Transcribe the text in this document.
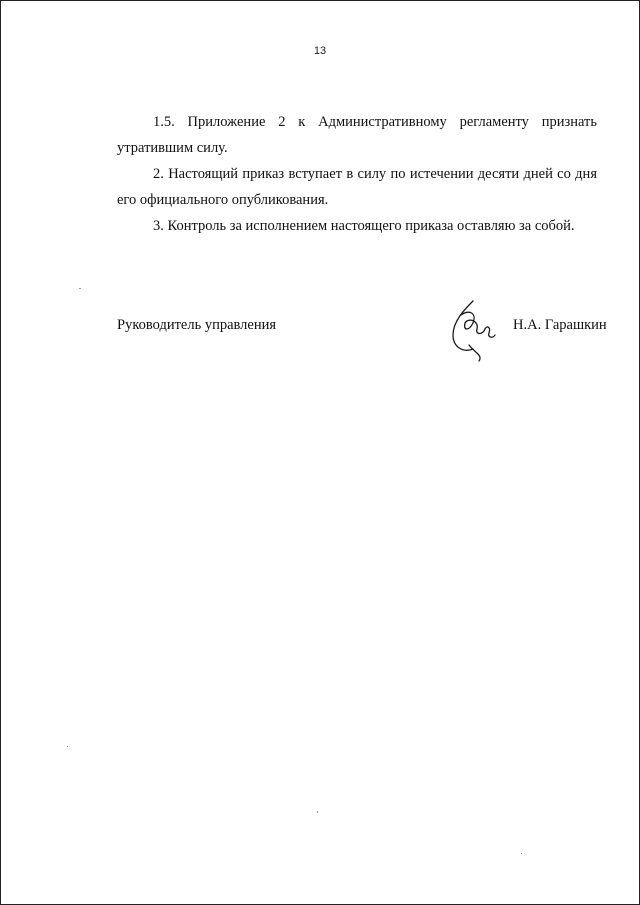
13

1.5. Приложение 2 к Административному регламенту признать утратившим силу.

2. Настоящий приказ вступает в силу по истечении десяти дней со дня его официального опубликования.

3. Контроль за исполнением настоящего приказа оставляю за собой.

Руководитель управления	Н.А. Гарашкин
